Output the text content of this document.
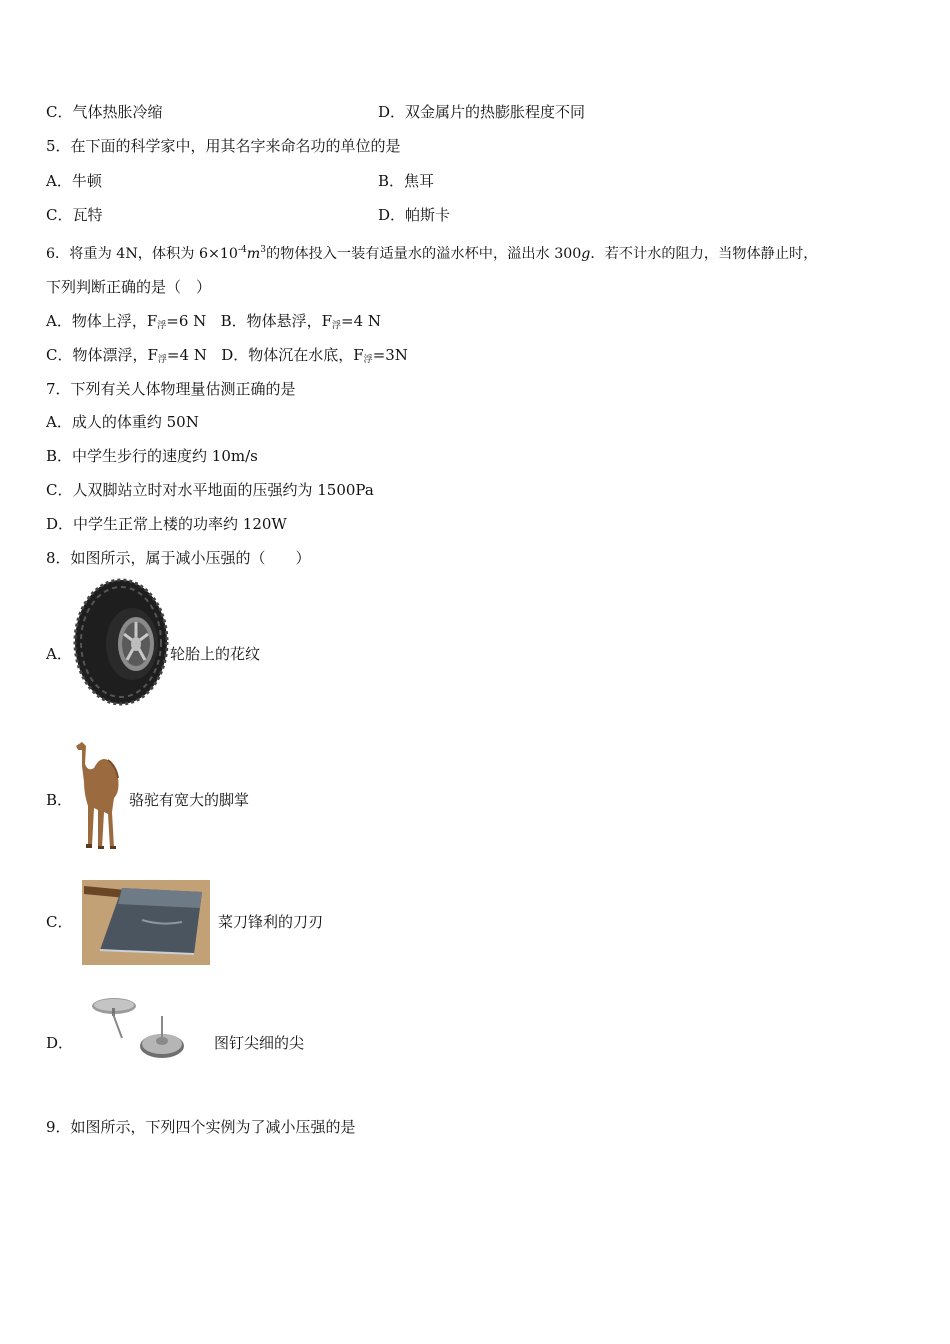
C．气体热胀冷缩	D．双金属片的热膨胀程度不同
5．在下面的科学家中，用其名字来命名功的单位的是
A．牛顿	B．焦耳
C．瓦特	D．帕斯卡
6．将重为 4N，体积为 $6\times 10^{-4}m^3$的物体投入一装有适量水的溢水杯中，溢出水 300g．若不计水的阻力，当物体静止时，
下列判断正确的是（　）
A．物体上浮，$F_浮=6$ N B．物体悬浮，$F_浮=4$ N
C．物体漂浮，$F_浮=4$ N D．物体沉在水底，$F_浮=3N$
7．下列有关人体物理量估测正确的是
A．成人的体重约 50N
B．中学生步行的速度约 10m/s
C．人双脚站立时对水平地面的压强约为 1500Pa
D．中学生正常上楼的功率约 120W
8．如图所示，属于减小压强的（　　）
A．	轮胎上的花纹
B．	骆驼有宽大的脚掌
C．	菜刀锋利的刀刃
D．	图钉尖细的尖
9．如图所示，下列四个实例为了减小压强的是
